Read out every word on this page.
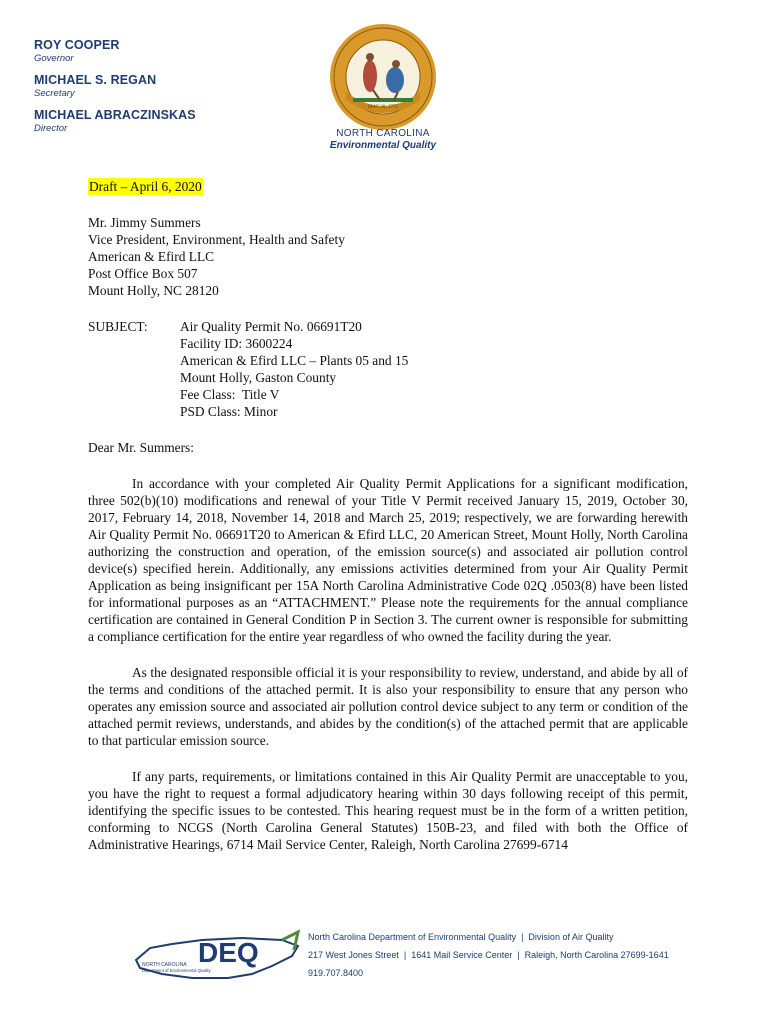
ROY COOPER
Governor
MICHAEL S. REGAN
Secretary
MICHAEL ABRACZINSKAS
Director
MAY 20, 1775
NORTH CAROLINA
Environmental Quality
Draft – April 6, 2020
Mr. Jimmy Summers
Vice President, Environment, Health and Safety
American & Efird LLC
Post Office Box 507
Mount Holly, NC 28120
SUBJECT:	Air Quality Permit No. 06691T20
Facility ID: 3600224
American & Efird LLC – Plants 05 and 15
Mount Holly, Gaston County
Fee Class:  Title V
PSD Class: Minor
Dear Mr. Summers:

In accordance with your completed Air Quality Permit Applications for a significant modification, three 502(b)(10) modifications and renewal of your Title V Permit received January 15, 2019, October 30, 2017, February 14, 2018, November 14, 2018 and March 25, 2019; respectively, we are forwarding herewith Air Quality Permit No. 06691T20 to American & Efird LLC, 20 American Street, Mount Holly, North Carolina authorizing the construction and operation, of the emission source(s) and associated air pollution control device(s) specified herein. Additionally, any emissions activities determined from your Air Quality Permit Application as being insignificant per 15A North Carolina Administrative Code 02Q .0503(8) have been listed for informational purposes as an “ATTACHMENT.” Please note the requirements for the annual compliance certification are contained in General Condition P in Section 3. The current owner is responsible for submitting a compliance certification for the entire year regardless of who owned the facility during the year.

As the designated responsible official it is your responsibility to review, understand, and abide by all of the terms and conditions of the attached permit. It is also your responsibility to ensure that any person who operates any emission source and associated air pollution control device subject to any term or condition of the attached permit reviews, understands, and abides by the condition(s) of the attached permit that are applicable to that particular emission source.

If any parts, requirements, or limitations contained in this Air Quality Permit are unacceptable to you, you have the right to request a formal adjudicatory hearing within 30 days following receipt of this permit, identifying the specific issues to be contested. This hearing request must be in the form of a written petition, conforming to NCGS (North Carolina General Statutes) 150B-23, and filed with both the Office of Administrative Hearings, 6714 Mail Service Center, Raleigh, North Carolina 27699-6714

DEQ
NORTH CAROLINA
Department of Environmental Quality
North Carolina Department of Environmental Quality  |  Division of Air Quality
217 West Jones Street  |  1641 Mail Service Center  |  Raleigh, North Carolina 27699-1641
919.707.8400
